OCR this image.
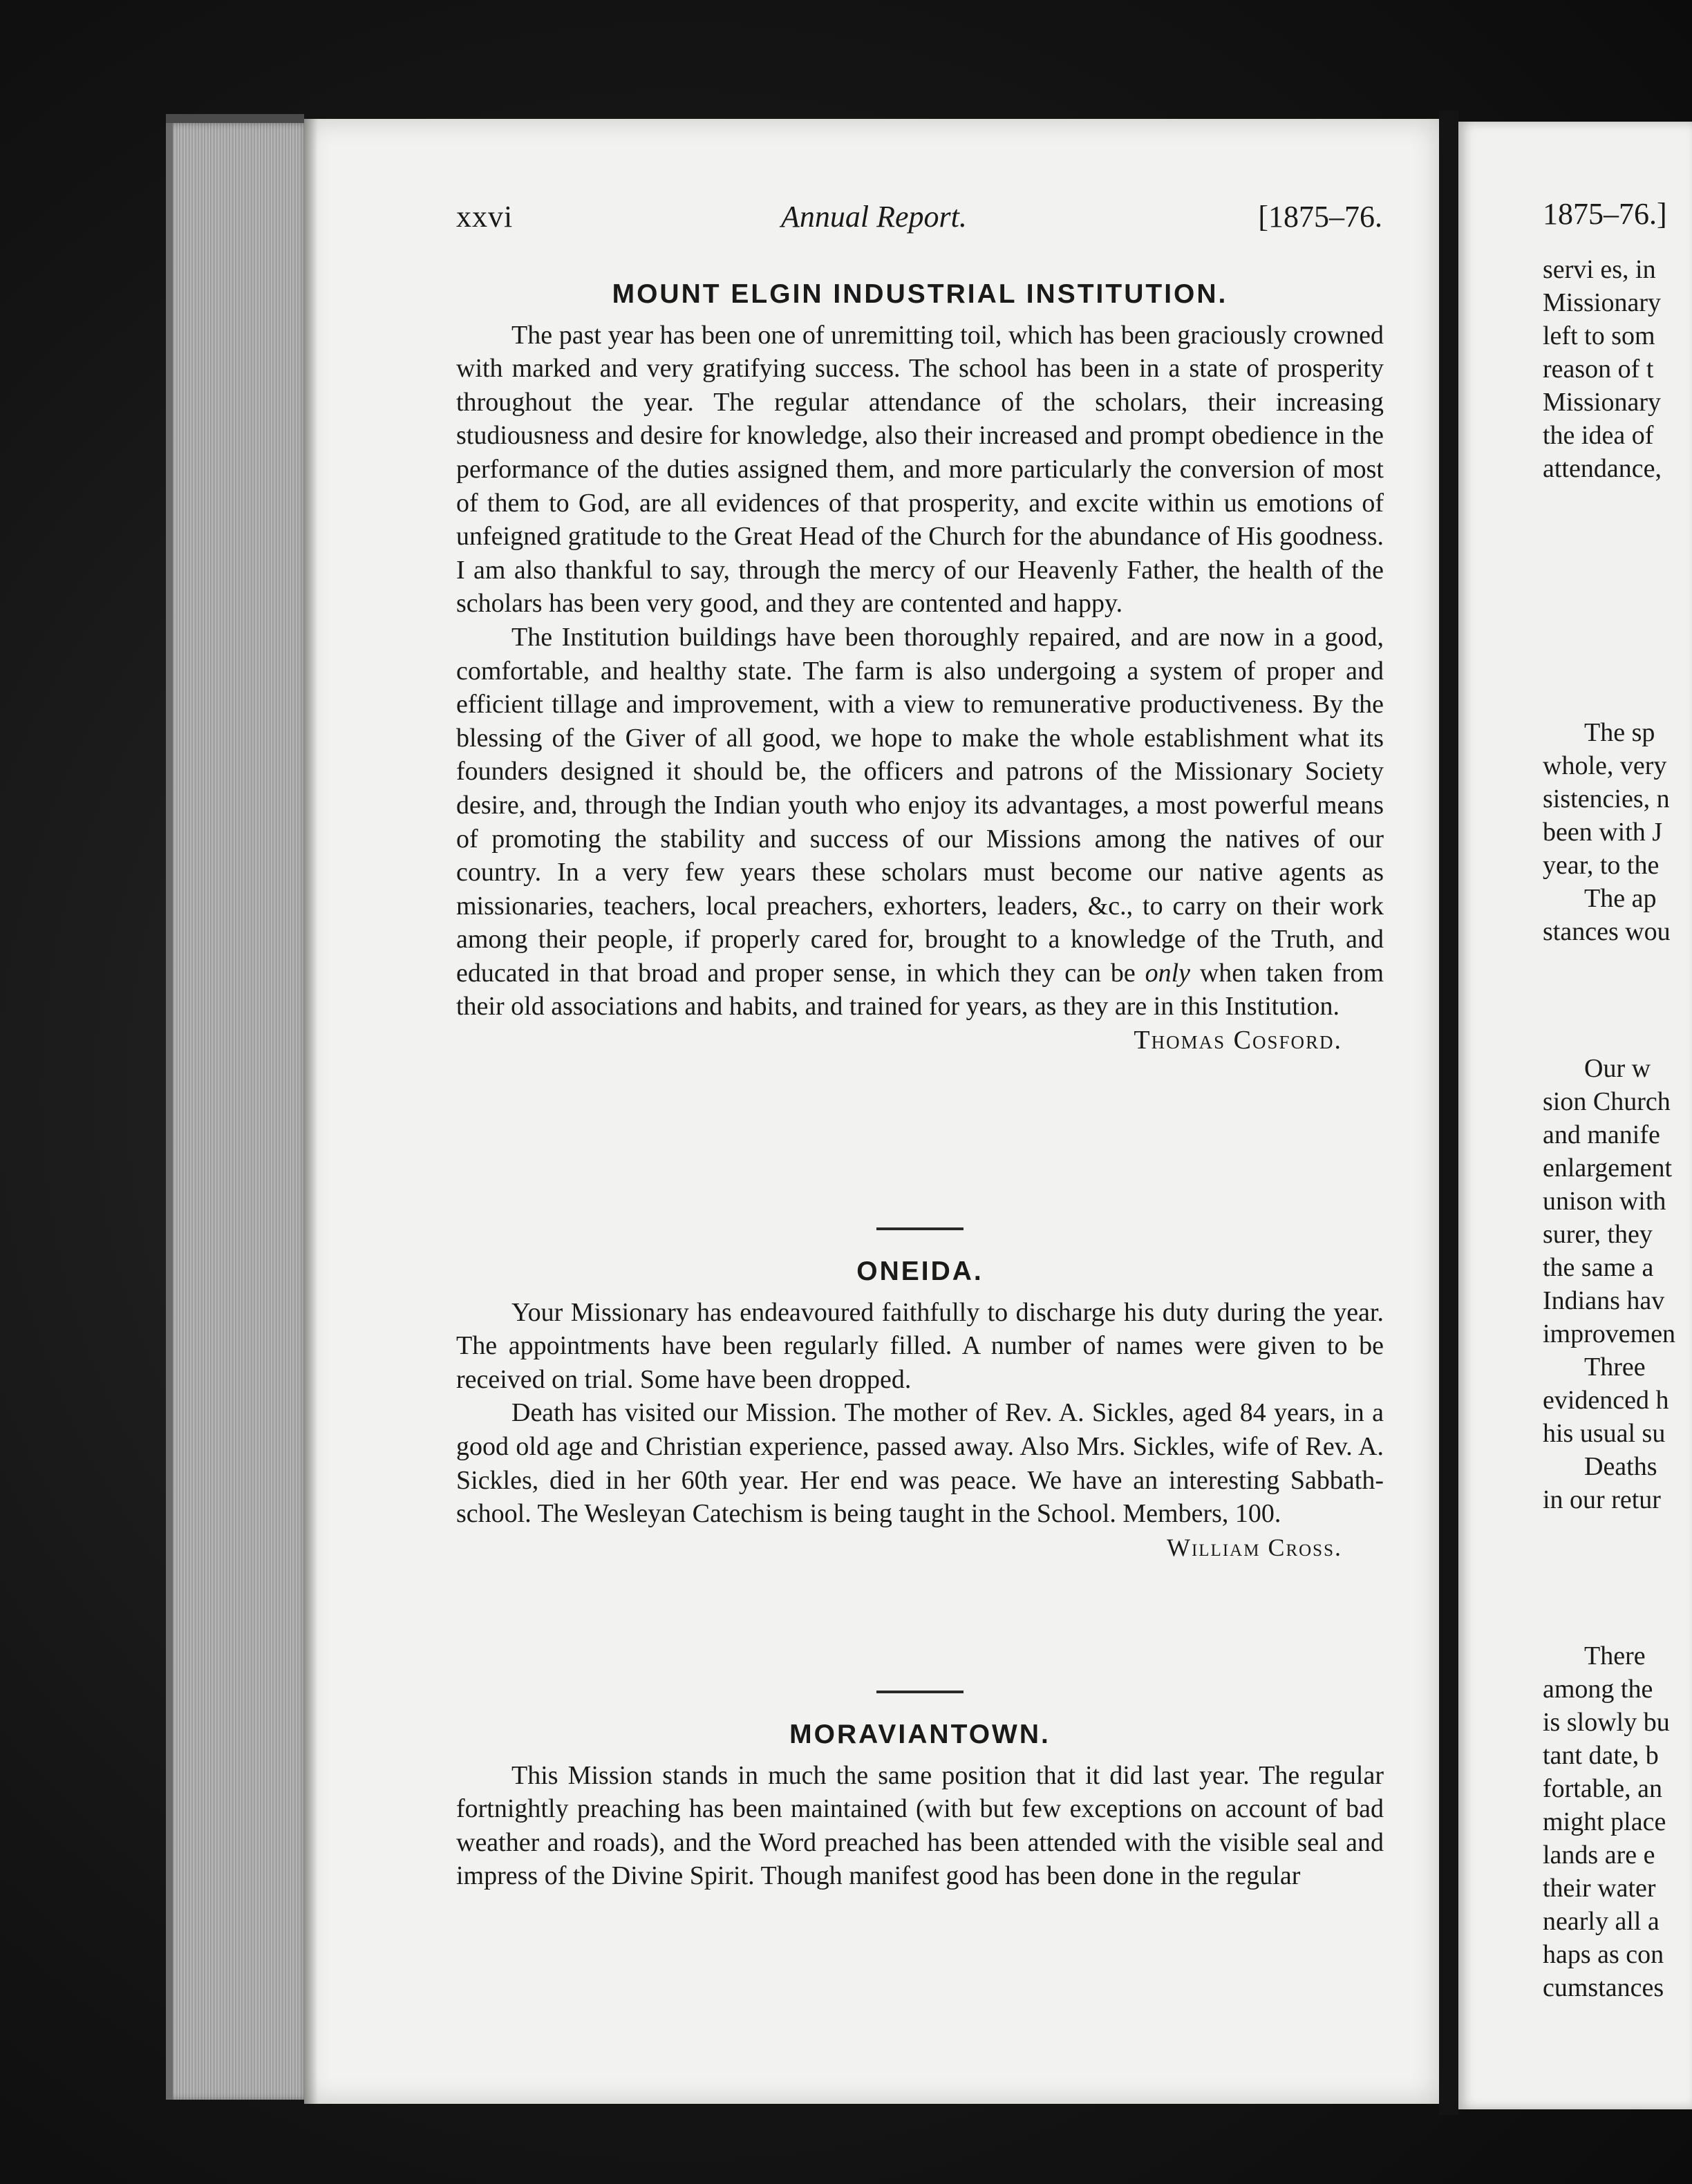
xxvi	Annual Report.	[1875–76.
MOUNT ELGIN INDUSTRIAL INSTITUTION.

The past year has been one of unremitting toil, which has been graciously crowned with marked and very gratifying success. The school has been in a state of prosperity throughout the year. The regular attendance of the scholars, their increasing studiousness and desire for knowledge, also their increased and prompt obedience in the performance of the duties assigned them, and more particularly the conversion of most of them to God, are all evidences of that prosperity, and excite within us emotions of unfeigned gratitude to the Great Head of the Church for the abundance of His goodness. I am also thankful to say, through the mercy of our Heavenly Father, the health of the scholars has been very good, and they are contented and happy.

The Institution buildings have been thoroughly repaired, and are now in a good, comfortable, and healthy state. The farm is also undergoing a system of proper and efficient tillage and improvement, with a view to remunerative productiveness. By the blessing of the Giver of all good, we hope to make the whole establishment what its founders designed it should be, the officers and patrons of the Missionary Society desire, and, through the Indian youth who enjoy its advantages, a most powerful means of promoting the stability and success of our Missions among the natives of our country. In a very few years these scholars must become our native agents as missionaries, teachers, local preachers, exhorters, leaders, &c., to carry on their work among their people, if properly cared for, brought to a knowledge of the Truth, and educated in that broad and proper sense, in which they can be only when taken from their old associations and habits, and trained for years, as they are in this Institution.
Thomas Cosford.

ONEIDA.

Your Missionary has endeavoured faithfully to discharge his duty during the year. The appointments have been regularly filled. A number of names were given to be received on trial. Some have been dropped.

Death has visited our Mission. The mother of Rev. A. Sickles, aged 84 years, in a good old age and Christian experience, passed away. Also Mrs. Sickles, wife of Rev. A. Sickles, died in her 60th year. Her end was peace. We have an interesting Sabbath-school. The Wesleyan Catechism is being taught in the School. Members, 100.

William Cross.
MORAVIANTOWN.

This Mission stands in much the same position that it did last year. The regular fortnightly preaching has been maintained (with but few exceptions on account of bad weather and roads), and the Word preached has been attended with the visible seal and impress of the Divine Spirit. Though manifest good has been done in the regular

1875–76.]
servi es, in
Missionary
left to som
reason of t
Missionary
the idea of
attendance,
The sp
whole, very
sistencies, n
been with J
year, to the
The ap
stances wou
Our w
sion Church
and manife
enlargement
unison with
surer, they
the same a
Indians hav
improvemen
Three
evidenced h
his usual su
Deaths
in our retur
There
among the
is slowly bu
tant date, b
fortable, an
might place
lands are e
their water
nearly all a
haps as con
cumstances
